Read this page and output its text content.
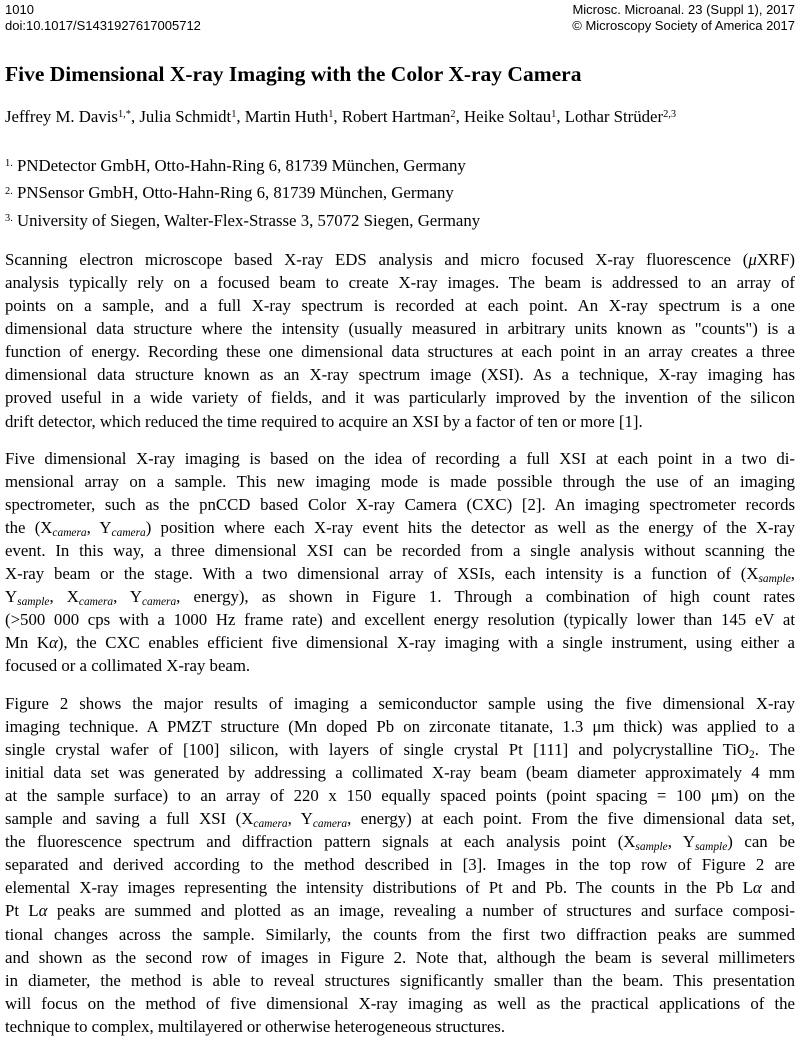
1010
doi:10.1017/S1431927617005712
Microsc. Microanal. 23 (Suppl 1), 2017
© Microscopy Society of America 2017
Five Dimensional X-ray Imaging with the Color X-ray Camera
Jeffrey M. Davis$^{1,*}$, Julia Schmidt$^1$, Martin Huth$^1$, Robert Hartman$^2$, Heike Soltau$^1$, Lothar Strüder$^{2,3}$
$^{1.}$ PNDetector GmbH, Otto-Hahn-Ring 6, 81739 München, Germany
$^{2.}$ PNSensor GmbH, Otto-Hahn-Ring 6, 81739 München, Germany
$^{3.}$ University of Siegen, Walter-Flex-Strasse 3, 57072 Siegen, Germany
Scanning electron microscope based X-ray EDS analysis and micro focused X-ray fluorescence (μXRF)
analysis typically rely on a focused beam to create X-ray images. The beam is addressed to an array of
points on a sample, and a full X-ray spectrum is recorded at each point. An X-ray spectrum is a one
dimensional data structure where the intensity (usually measured in arbitrary units known as "counts") is a
function of energy. Recording these one dimensional data structures at each point in an array creates a three
dimensional data structure known as an X-ray spectrum image (XSI). As a technique, X-ray imaging has
proved useful in a wide variety of fields, and it was particularly improved by the invention of the silicon
drift detector, which reduced the time required to acquire an XSI by a factor of ten or more [1].
Five dimensional X-ray imaging is based on the idea of recording a full XSI at each point in a two di-
mensional array on a sample. This new imaging mode is made possible through the use of an imaging
spectrometer, such as the pnCCD based Color X-ray Camera (CXC) [2]. An imaging spectrometer records
the (Xcamera, Ycamera) position where each X-ray event hits the detector as well as the energy of the X-ray
event. In this way, a three dimensional XSI can be recorded from a single analysis without scanning the
X-ray beam or the stage. With a two dimensional array of XSIs, each intensity is a function of (Xsample,
Ysample, Xcamera, Ycamera, energy), as shown in Figure 1. Through a combination of high count rates
(>500 000 cps with a 1000 Hz frame rate) and excellent energy resolution (typically lower than 145 eV at
Mn Kα), the CXC enables efficient five dimensional X-ray imaging with a single instrument, using either a
focused or a collimated X-ray beam.
Figure 2 shows the major results of imaging a semiconductor sample using the five dimensional X-ray
imaging technique. A PMZT structure (Mn doped Pb on zirconate titanate, 1.3 μm thick) was applied to a
single crystal wafer of [100] silicon, with layers of single crystal Pt [111] and polycrystalline TiO2. The
initial data set was generated by addressing a collimated X-ray beam (beam diameter approximately 4 mm
at the sample surface) to an array of 220 x 150 equally spaced points (point spacing = 100 μm) on the
sample and saving a full XSI (Xcamera, Ycamera, energy) at each point. From the five dimensional data set,
the fluorescence spectrum and diffraction pattern signals at each analysis point (Xsample, Ysample) can be
separated and derived according to the method described in [3]. Images in the top row of Figure 2 are
elemental X-ray images representing the intensity distributions of Pt and Pb. The counts in the Pb Lα and
Pt Lα peaks are summed and plotted as an image, revealing a number of structures and surface composi-
tional changes across the sample. Similarly, the counts from the first two diffraction peaks are summed
and shown as the second row of images in Figure 2. Note that, although the beam is several millimeters
in diameter, the method is able to reveal structures significantly smaller than the beam. This presentation
will focus on the method of five dimensional X-ray imaging as well as the practical applications of the
technique to complex, multilayered or otherwise heterogeneous structures.
